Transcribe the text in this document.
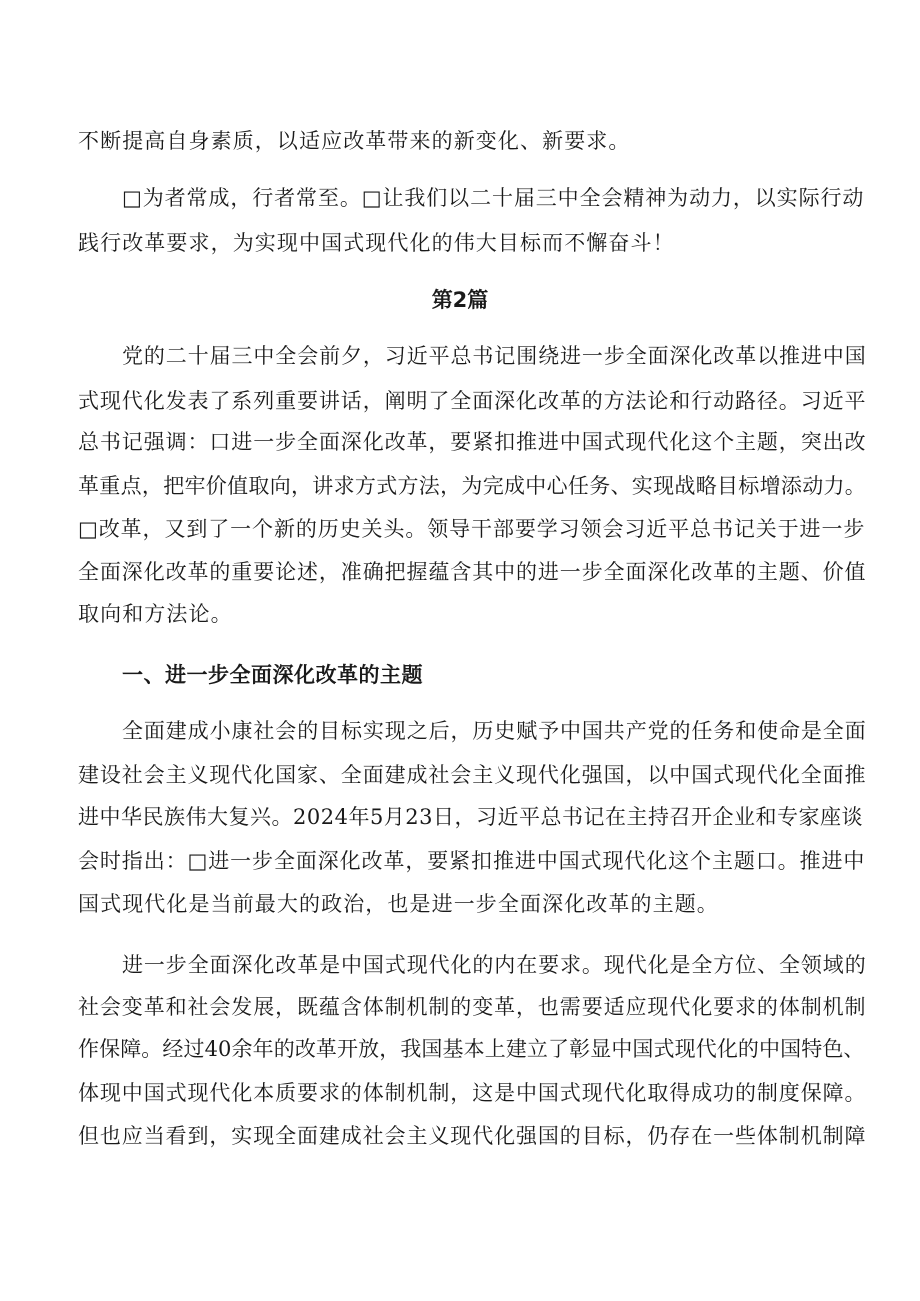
不断提高自身素质，以适应改革带来的新变化、新要求。
□为者常成，行者常至。□让我们以二十届三中全会精神为动力，以实际行动
践行改革要求，为实现中国式现代化的伟大目标而不懈奋斗！
第2篇
党的二十届三中全会前夕，习近平总书记围绕进一步全面深化改革以推进中国
式现代化发表了系列重要讲话，阐明了全面深化改革的方法论和行动路径。习近平
总书记强调：口进一步全面深化改革，要紧扣推进中国式现代化这个主题，突出改
革重点，把牢价值取向，讲求方式方法，为完成中心任务、实现战略目标增添动力。
□改革，又到了一个新的历史关头。领导干部要学习领会习近平总书记关于进一步
全面深化改革的重要论述，准确把握蕴含其中的进一步全面深化改革的主题、价值
取向和方法论。
一、进一步全面深化改革的主题
全面建成小康社会的目标实现之后，历史赋予中国共产党的任务和使命是全面
建设社会主义现代化国家、全面建成社会主义现代化强国，以中国式现代化全面推
进中华民族伟大复兴。2024年5月23日，习近平总书记在主持召开企业和专家座谈
会时指出：□进一步全面深化改革，要紧扣推进中国式现代化这个主题口。推进中
国式现代化是当前最大的政治，也是进一步全面深化改革的主题。
进一步全面深化改革是中国式现代化的内在要求。现代化是全方位、全领域的
社会变革和社会发展，既蕴含体制机制的变革，也需要适应现代化要求的体制机制
作保障。经过40余年的改革开放，我国基本上建立了彰显中国式现代化的中国特色、
体现中国式现代化本质要求的体制机制，这是中国式现代化取得成功的制度保障。
但也应当看到，实现全面建成社会主义现代化强国的目标，仍存在一些体制机制障
